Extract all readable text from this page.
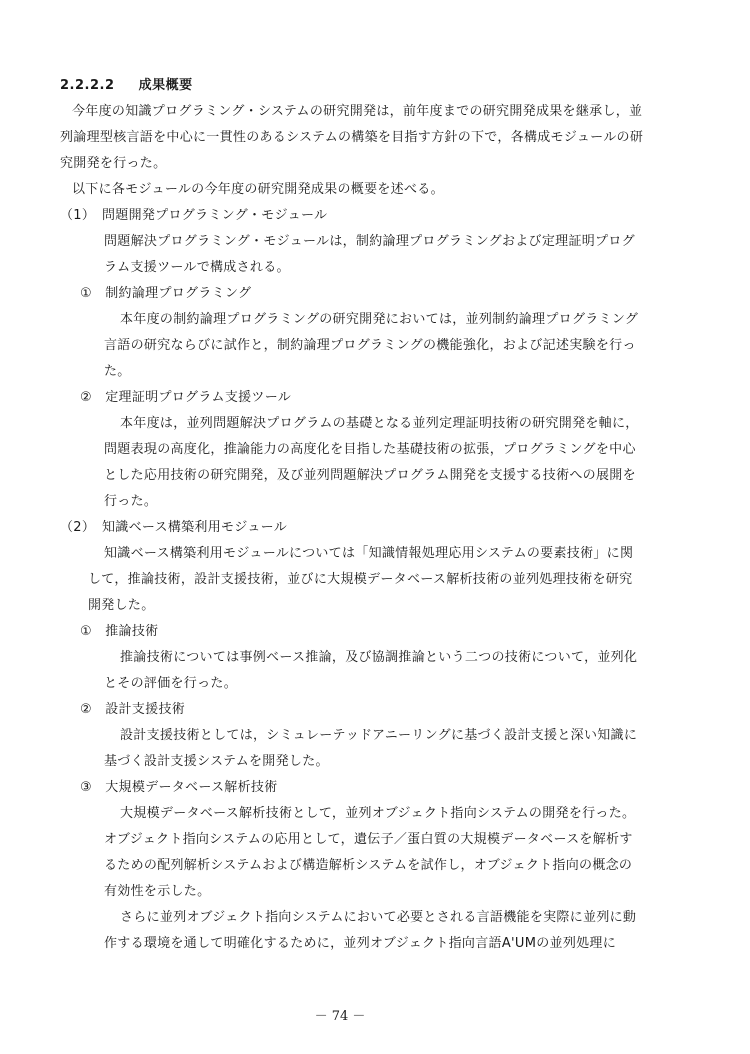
2.2.2.2 成果概要
今年度の知識プログラミング・システムの研究開発は，前年度までの研究開発成果を継承し，並
列論理型核言語を中心に一貫性のあるシステムの構築を目指す方針の下で，各構成モジュールの研
究開発を行った。
以下に各モジュールの今年度の研究開発成果の概要を述べる。
（1）　問題開発プログラミング・モジュール
問題解決プログラミング・モジュールは，制約論理プログラミングおよび定理証明プログ
ラム支援ツールで構成される。
①　制約論理プログラミング
本年度の制約論理プログラミングの研究開発においては，並列制約論理プログラミング
言語の研究ならびに試作と，制約論理プログラミングの機能強化，および記述実験を行っ
た。
②　定理証明プログラム支援ツール
本年度は，並列問題解決プログラムの基礎となる並列定理証明技術の研究開発を軸に，
問題表現の高度化，推論能力の高度化を目指した基礎技術の拡張，プログラミングを中心
とした応用技術の研究開発，及び並列問題解決プログラム開発を支援する技術への展開を
行った。
（2）　知識ベース構築利用モジュール
知識ベース構築利用モジュールについては「知識情報処理応用システムの要素技術」に関
して，推論技術，設計支援技術，並びに大規模データベース解析技術の並列処理技術を研究
開発した。
①　推論技術
推論技術については事例ベース推論，及び協調推論という二つの技術について，並列化
とその評価を行った。
②　設計支援技術
設計支援技術としては，シミュレーテッドアニーリングに基づく設計支援と深い知識に
基づく設計支援システムを開発した。
③　大規模データベース解析技術
大規模データベース解析技術として，並列オブジェクト指向システムの開発を行った。
オブジェクト指向システムの応用として，遺伝子／蛋白質の大規模データベースを解析す
るための配列解析システムおよび構造解析システムを試作し，オブジェクト指向の概念の
有効性を示した。
さらに並列オブジェクト指向システムにおいて必要とされる言語機能を実際に並列に動
作する環境を通して明確化するために，並列オブジェクト指向言語A'UMの並列処理に
－ 74 －
